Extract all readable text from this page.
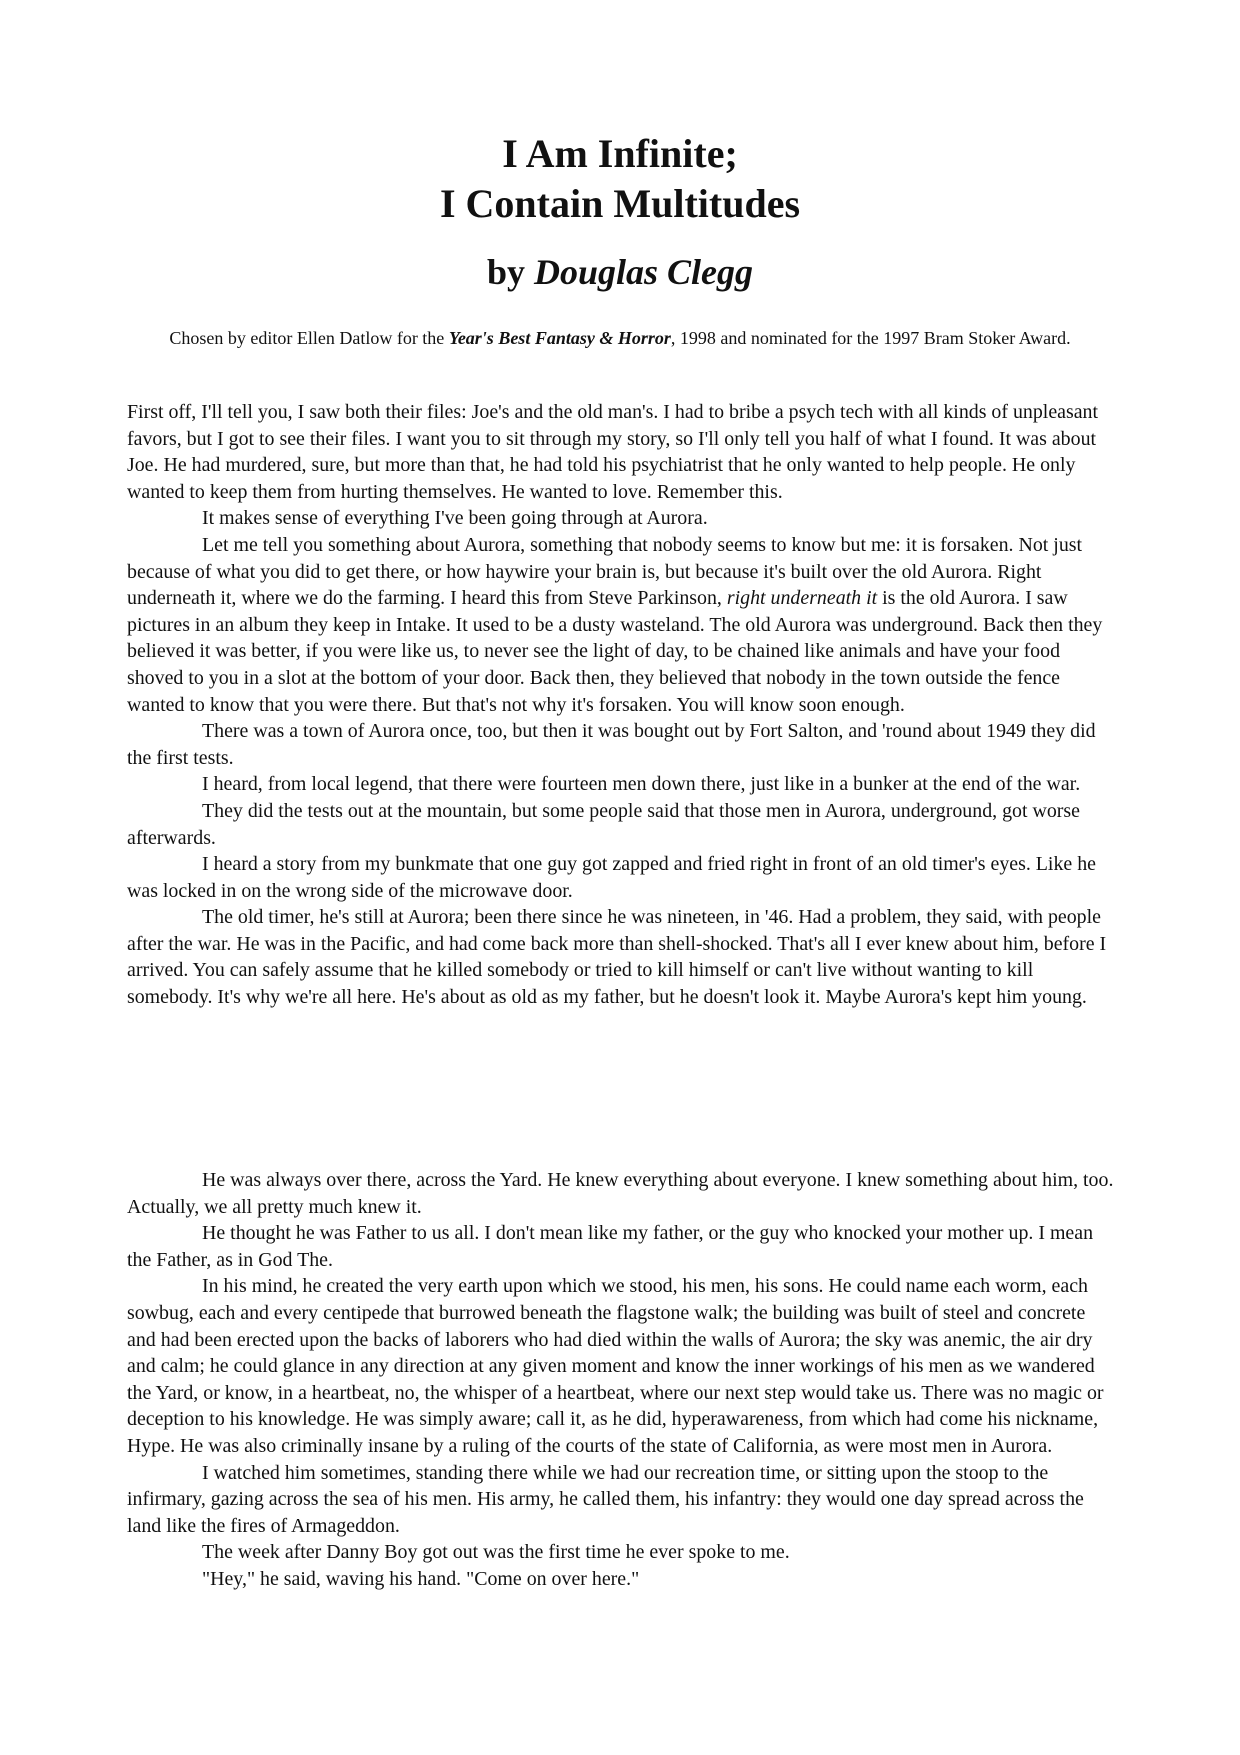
I Am Infinite;
I Contain Multitudes
by Douglas Clegg

Chosen by editor Ellen Datlow for the Year's Best Fantasy & Horror, 1998 and nominated for the 1997 Bram Stoker Award.

First off, I'll tell you, I saw both their files: Joe's and the old man's. I had to bribe a psych tech with all kinds of unpleasant favors, but I got to see their files. I want you to sit through my story, so I'll only tell you half of what I found. It was about Joe. He had murdered, sure, but more than that, he had told his psychiatrist that he only wanted to help people. He only wanted to keep them from hurting themselves. He wanted to love. Remember this.

It makes sense of everything I've been going through at Aurora.

Let me tell you something about Aurora, something that nobody seems to know but me: it is forsaken. Not just because of what you did to get there, or how haywire your brain is, but because it's built over the old Aurora. Right underneath it, where we do the farming. I heard this from Steve Parkinson, right underneath it is the old Aurora. I saw pictures in an album they keep in Intake. It used to be a dusty wasteland. The old Aurora was underground. Back then they believed it was better, if you were like us, to never see the light of day, to be chained like animals and have your food shoved to you in a slot at the bottom of your door. Back then, they believed that nobody in the town outside the fence wanted to know that you were there. But that's not why it's forsaken. You will know soon enough.

There was a town of Aurora once, too, but then it was bought out by Fort Salton, and 'round about 1949 they did the first tests.

I heard, from local legend, that there were fourteen men down there, just like in a bunker at the end of the war.

They did the tests out at the mountain, but some people said that those men in Aurora, underground, got worse afterwards.

I heard a story from my bunkmate that one guy got zapped and fried right in front of an old timer's eyes. Like he was locked in on the wrong side of the microwave door.

The old timer, he's still at Aurora; been there since he was nineteen, in '46. Had a problem, they said, with people after the war. He was in the Pacific, and had come back more than shell-shocked. That's all I ever knew about him, before I arrived. You can safely assume that he killed somebody or tried to kill himself or can't live without wanting to kill somebody. It's why we're all here. He's about as old as my father, but he doesn't look it. Maybe Aurora's kept him young.

He was always over there, across the Yard. He knew everything about everyone. I knew something about him, too. Actually, we all pretty much knew it.

He thought he was Father to us all. I don't mean like my father, or the guy who knocked your mother up. I mean the Father, as in God The.

In his mind, he created the very earth upon which we stood, his men, his sons. He could name each worm, each sowbug, each and every centipede that burrowed beneath the flagstone walk; the building was built of steel and concrete and had been erected upon the backs of laborers who had died within the walls of Aurora; the sky was anemic, the air dry and calm; he could glance in any direction at any given moment and know the inner workings of his men as we wandered the Yard, or know, in a heartbeat, no, the whisper of a heartbeat, where our next step would take us. There was no magic or deception to his knowledge. He was simply aware; call it, as he did, hyperawareness, from which had come his nickname, Hype. He was also criminally insane by a ruling of the courts of the state of California, as were most men in Aurora.

I watched him sometimes, standing there while we had our recreation time, or sitting upon the stoop to the infirmary, gazing across the sea of his men. His army, he called them, his infantry: they would one day spread across the land like the fires of Armageddon.

The week after Danny Boy got out was the first time he ever spoke to me.

"Hey," he said, waving his hand. "Come on over here."
